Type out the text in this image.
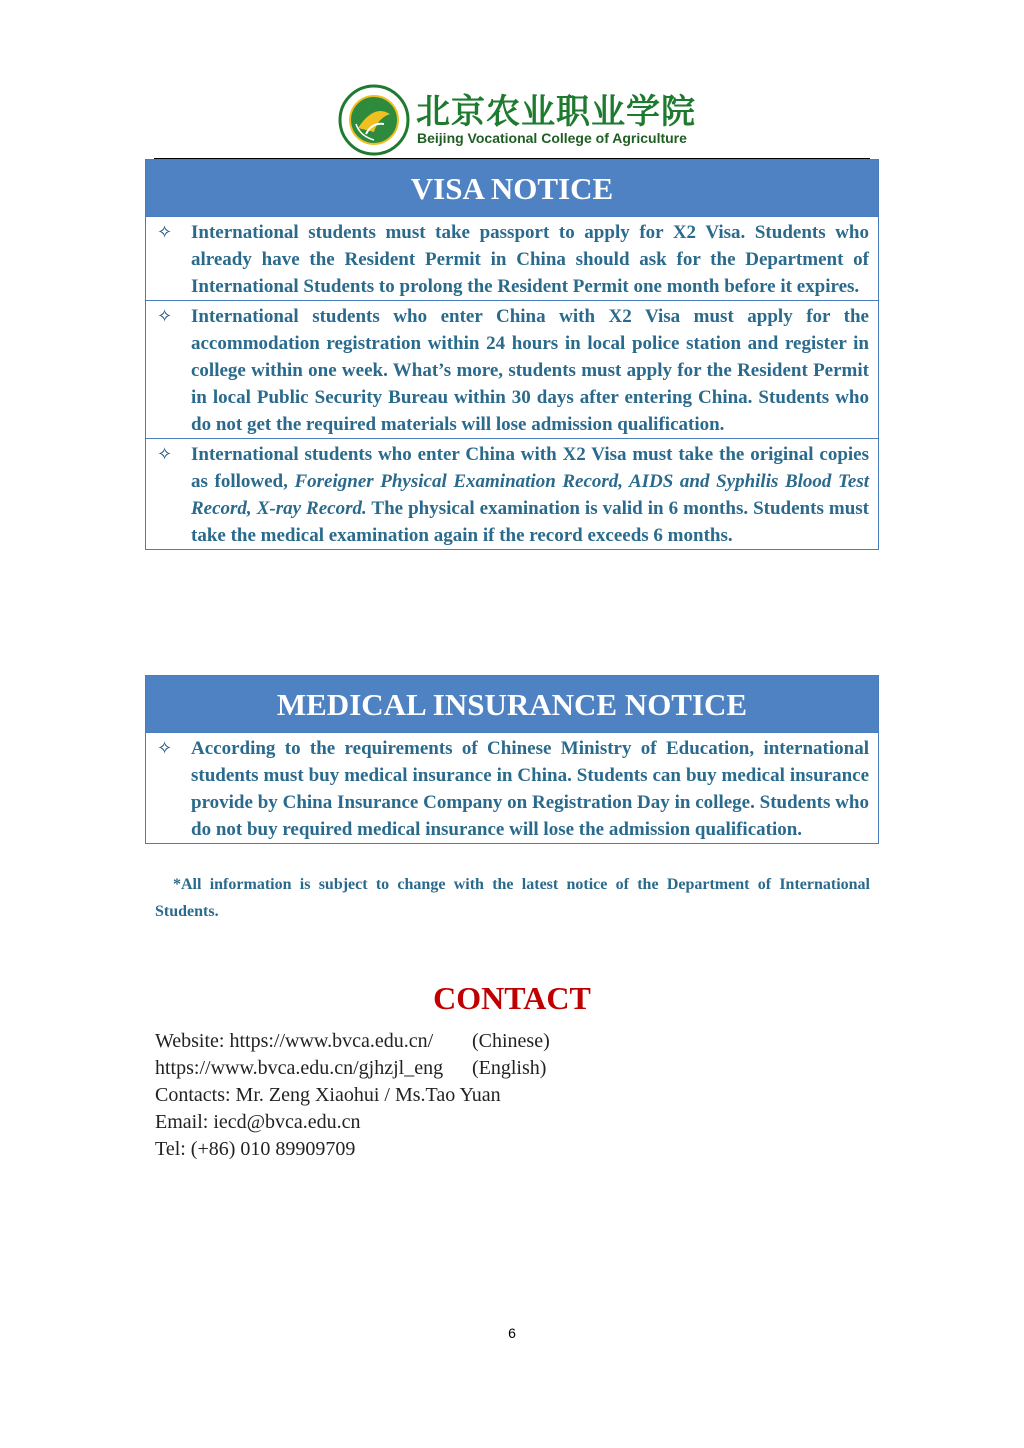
北京农业职业学院
Beijing Vocational College of Agriculture
VISA NOTICE
✧ International students must take passport to apply for X2 Visa. Students who already have the Resident Permit in China should ask for the Department of International Students to prolong the Resident Permit one month before it expires.
✧ International students who enter China with X2 Visa must apply for the accommodation registration within 24 hours in local police station and register in college within one week. What’s more, students must apply for the Resident Permit in local Public Security Bureau within 30 days after entering China. Students who do not get the required materials will lose admission qualification.
✧ International students who enter China with X2 Visa must take the original copies as followed, Foreigner Physical Examination Record, AIDS and Syphilis Blood Test Record, X-ray Record. The physical examination is valid in 6 months. Students must take the medical examination again if the record exceeds 6 months.
MEDICAL INSURANCE NOTICE
✧ According to the requirements of Chinese Ministry of Education, international students must buy medical insurance in China. Students can buy medical insurance provide by China Insurance Company on Registration Day in college. Students who do not buy required medical insurance will lose the admission qualification.
*All information is subject to change with the latest notice of the Department of International Students.
CONTACT
Website: https://www.bvca.edu.cn/ (Chinese)
https://www.bvca.edu.cn/gjhzjl_eng (English)
Contacts: Mr. Zeng Xiaohui / Ms.Tao Yuan
Email: iecd@bvca.edu.cn
Tel: (+86) 010 89909709
6
